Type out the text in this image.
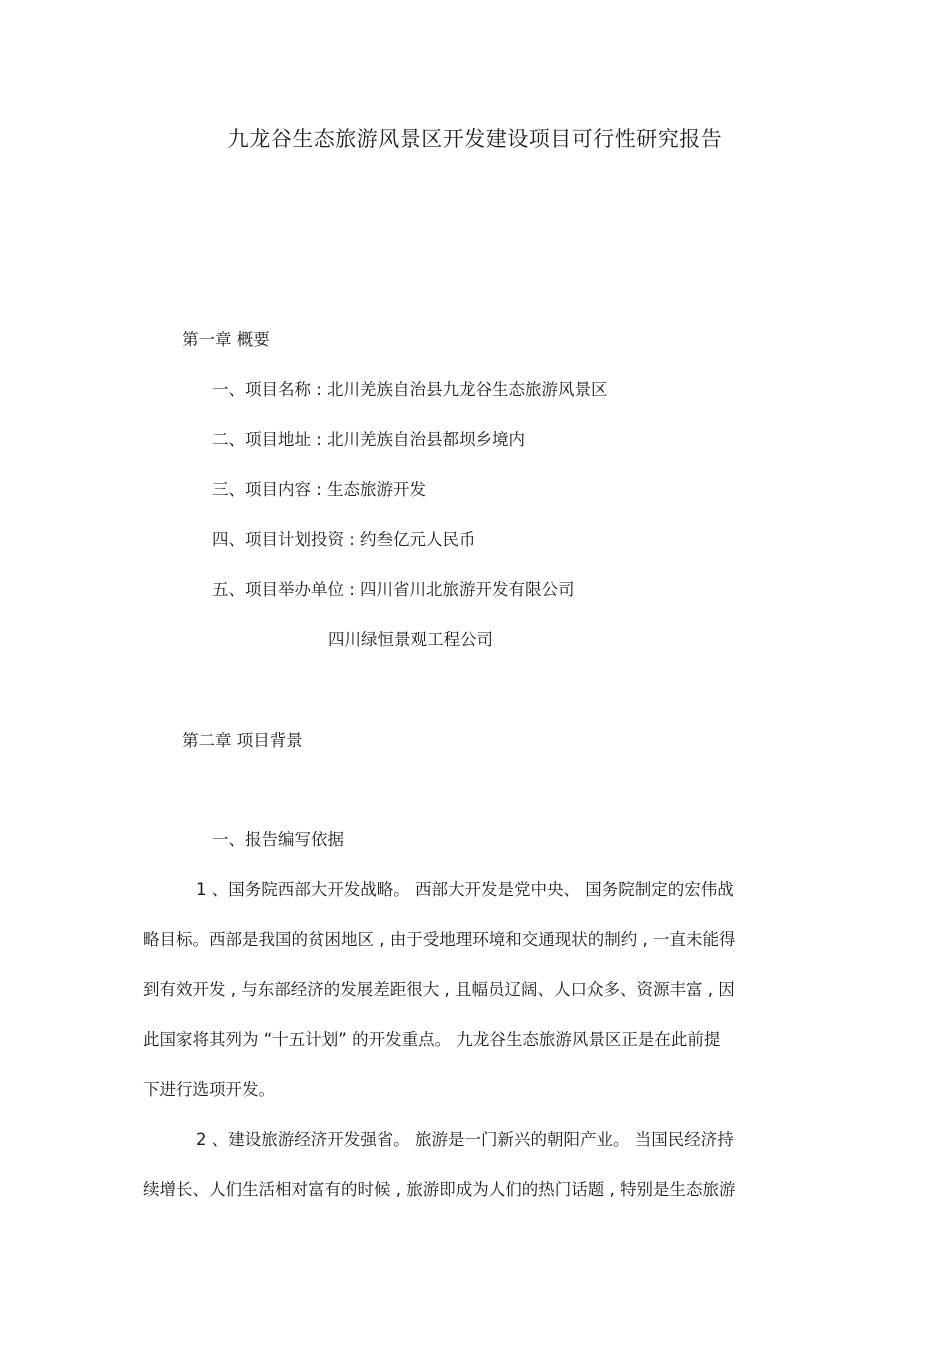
九龙谷生态旅游风景区开发建设项目可行性研究报告
第一章 概要
一、项目名称 : 北川羌族自治县九龙谷生态旅游风景区
二、项目地址 : 北川羌族自治县都坝乡境内
三、项目内容 : 生态旅游开发
四、项目计划投资 : 约叁亿元人民币
五、项目举办单位 : 四川省川北旅游开发有限公司
四川绿恒景观工程公司
第二章 项目背景
一、报告编写依据
1 、国务院西部大开发战略。 西部大开发是党中央、 国务院制定的宏伟战
略目标。西部是我国的贫困地区 , 由于受地理环境和交通现状的制约 , 一直未能得
到有效开发 , 与东部经济的发展差距很大 , 且幅员辽阔、人口众多、资源丰富 , 因
此国家将其列为 “十五计划” 的开发重点。 九龙谷生态旅游风景区正是在此前提
下进行选项开发。
2 、建设旅游经济开发强省。 旅游是一门新兴的朝阳产业。 当国民经济持
续增长、人们生活相对富有的时候 , 旅游即成为人们的热门话题 , 特别是生态旅游
